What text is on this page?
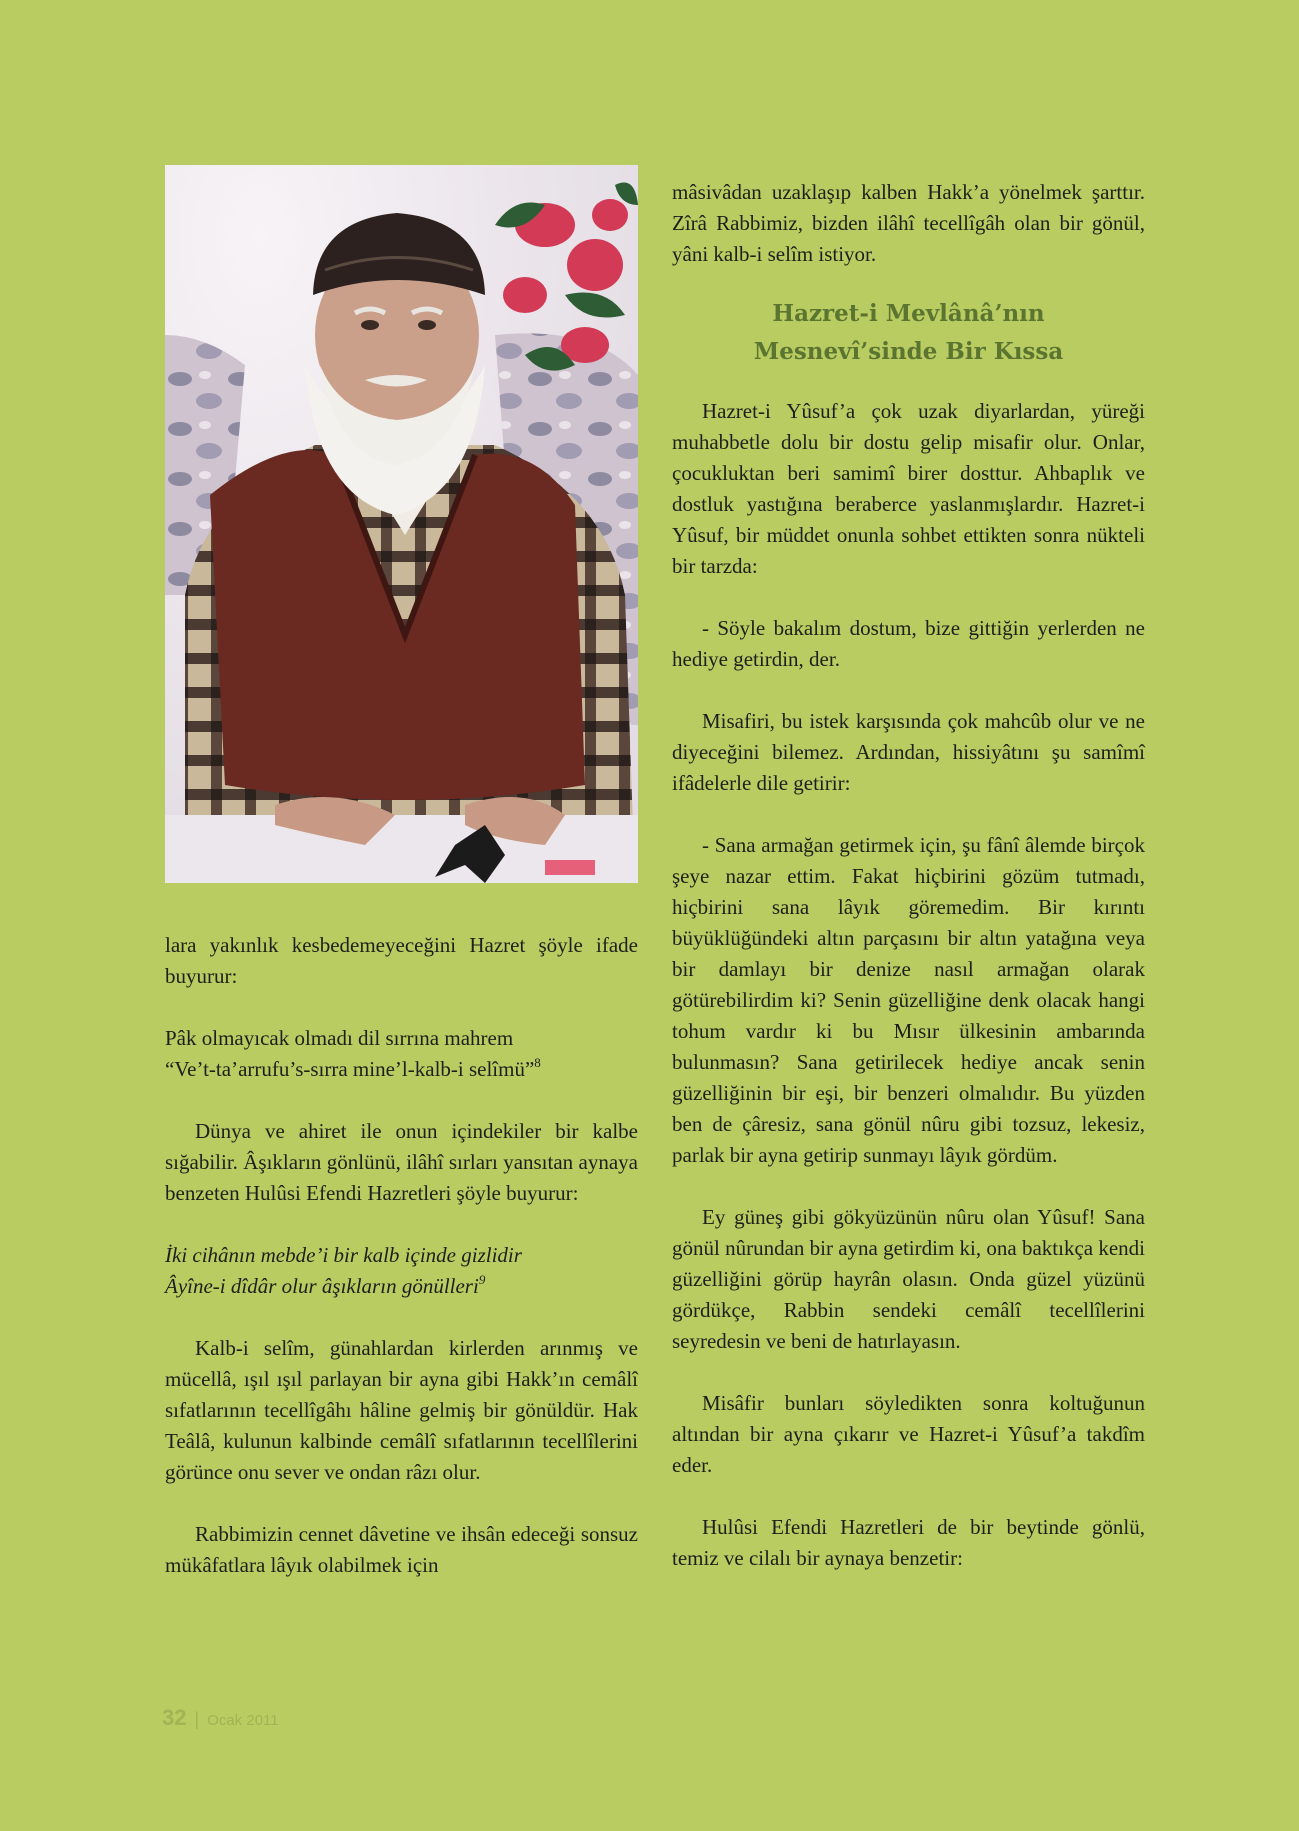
lara yakınlık kesbedemeyeceğini Hazret şöyle ifade buyurur:

Pâk olmayıcak olmadı dil sırrına mahrem

“Ve’t-ta’arrufu’s-sırra mine’l-kalb-i selîmü”$^8$

Dünya ve ahiret ile onun içindekiler bir kalbe sığabilir. Âşıkların gönlünü, ilâhî sırları yansıtan aynaya benzeten Hulûsi Efendi Hazretleri şöyle buyurur:

İki cihânın mebde’i bir kalb içinde gizlidir

Âyîne-i dîdâr olur âşıkların gönülleri$^9$

Kalb-i selîm, günahlardan kirlerden arınmış ve mücellâ, ışıl ışıl parlayan bir ayna gibi Hakk’ın cemâlî sıfatlarının tecellîgâhı hâline gelmiş bir gönüldür. Hak Teâlâ, kulunun kalbinde cemâlî sıfatlarının tecellîlerini görünce onu sever ve ondan râzı olur.

Rabbimizin cennet dâvetine ve ihsân edeceği sonsuz mükâfatlara lâyık olabilmek için

mâsivâdan uzaklaşıp kalben Hakk’a yönelmek şarttır. Zîrâ Rabbimiz, bizden ilâhî tecellîgâh olan bir gönül, yâni kalb-i selîm istiyor.

Hazret-i Mevlânâ’nın
Mesnevî’sinde Bir Kıssa

Hazret-i Yûsuf’a çok uzak diyarlardan, yüreği muhabbetle dolu bir dostu gelip misafir olur. Onlar, çocukluktan beri samimî birer dosttur. Ahbaplık ve dostluk yastığına beraberce yaslanmışlardır. Hazret-i Yûsuf, bir müddet onunla sohbet ettikten sonra nükteli bir tarzda:

- Söyle bakalım dostum, bize gittiğin yerlerden ne hediye getirdin, der.

Misafiri, bu istek karşısında çok mahcûb olur ve ne diyeceğini bilemez. Ardından, hissiyâtını şu samîmî ifâdelerle dile getirir:

- Sana armağan getirmek için, şu fânî âlemde birçok şeye nazar ettim. Fakat hiçbirini gözüm tutmadı, hiçbirini sana lâyık göremedim. Bir kırıntı büyüklüğündeki altın parçasını bir altın yatağına veya bir damlayı bir denize nasıl armağan olarak götürebilirdim ki? Senin güzelliğine denk olacak hangi tohum vardır ki bu Mısır ülkesinin ambarında bulunmasın? Sana getirilecek hediye ancak senin güzelliğinin bir eşi, bir benzeri olmalıdır. Bu yüzden ben de çâresiz, sana gönül nûru gibi tozsuz, lekesiz, parlak bir ayna getirip sunmayı lâyık gördüm.

Ey güneş gibi gökyüzünün nûru olan Yûsuf! Sana gönül nûrundan bir ayna getirdim ki, ona baktıkça kendi güzelliğini görüp hayrân olasın. Onda güzel yüzünü gördükçe, Rabbin sendeki cemâlî tecellîlerini seyredesin ve beni de hatırlayasın.

Misâfir bunları söyledikten sonra koltuğunun altından bir ayna çıkarır ve Hazret-i Yûsuf’a takdîm eder.

Hulûsi Efendi Hazretleri de bir beytinde gönlü, temiz ve cilalı bir aynaya benzetir:

32 | Ocak 2011
